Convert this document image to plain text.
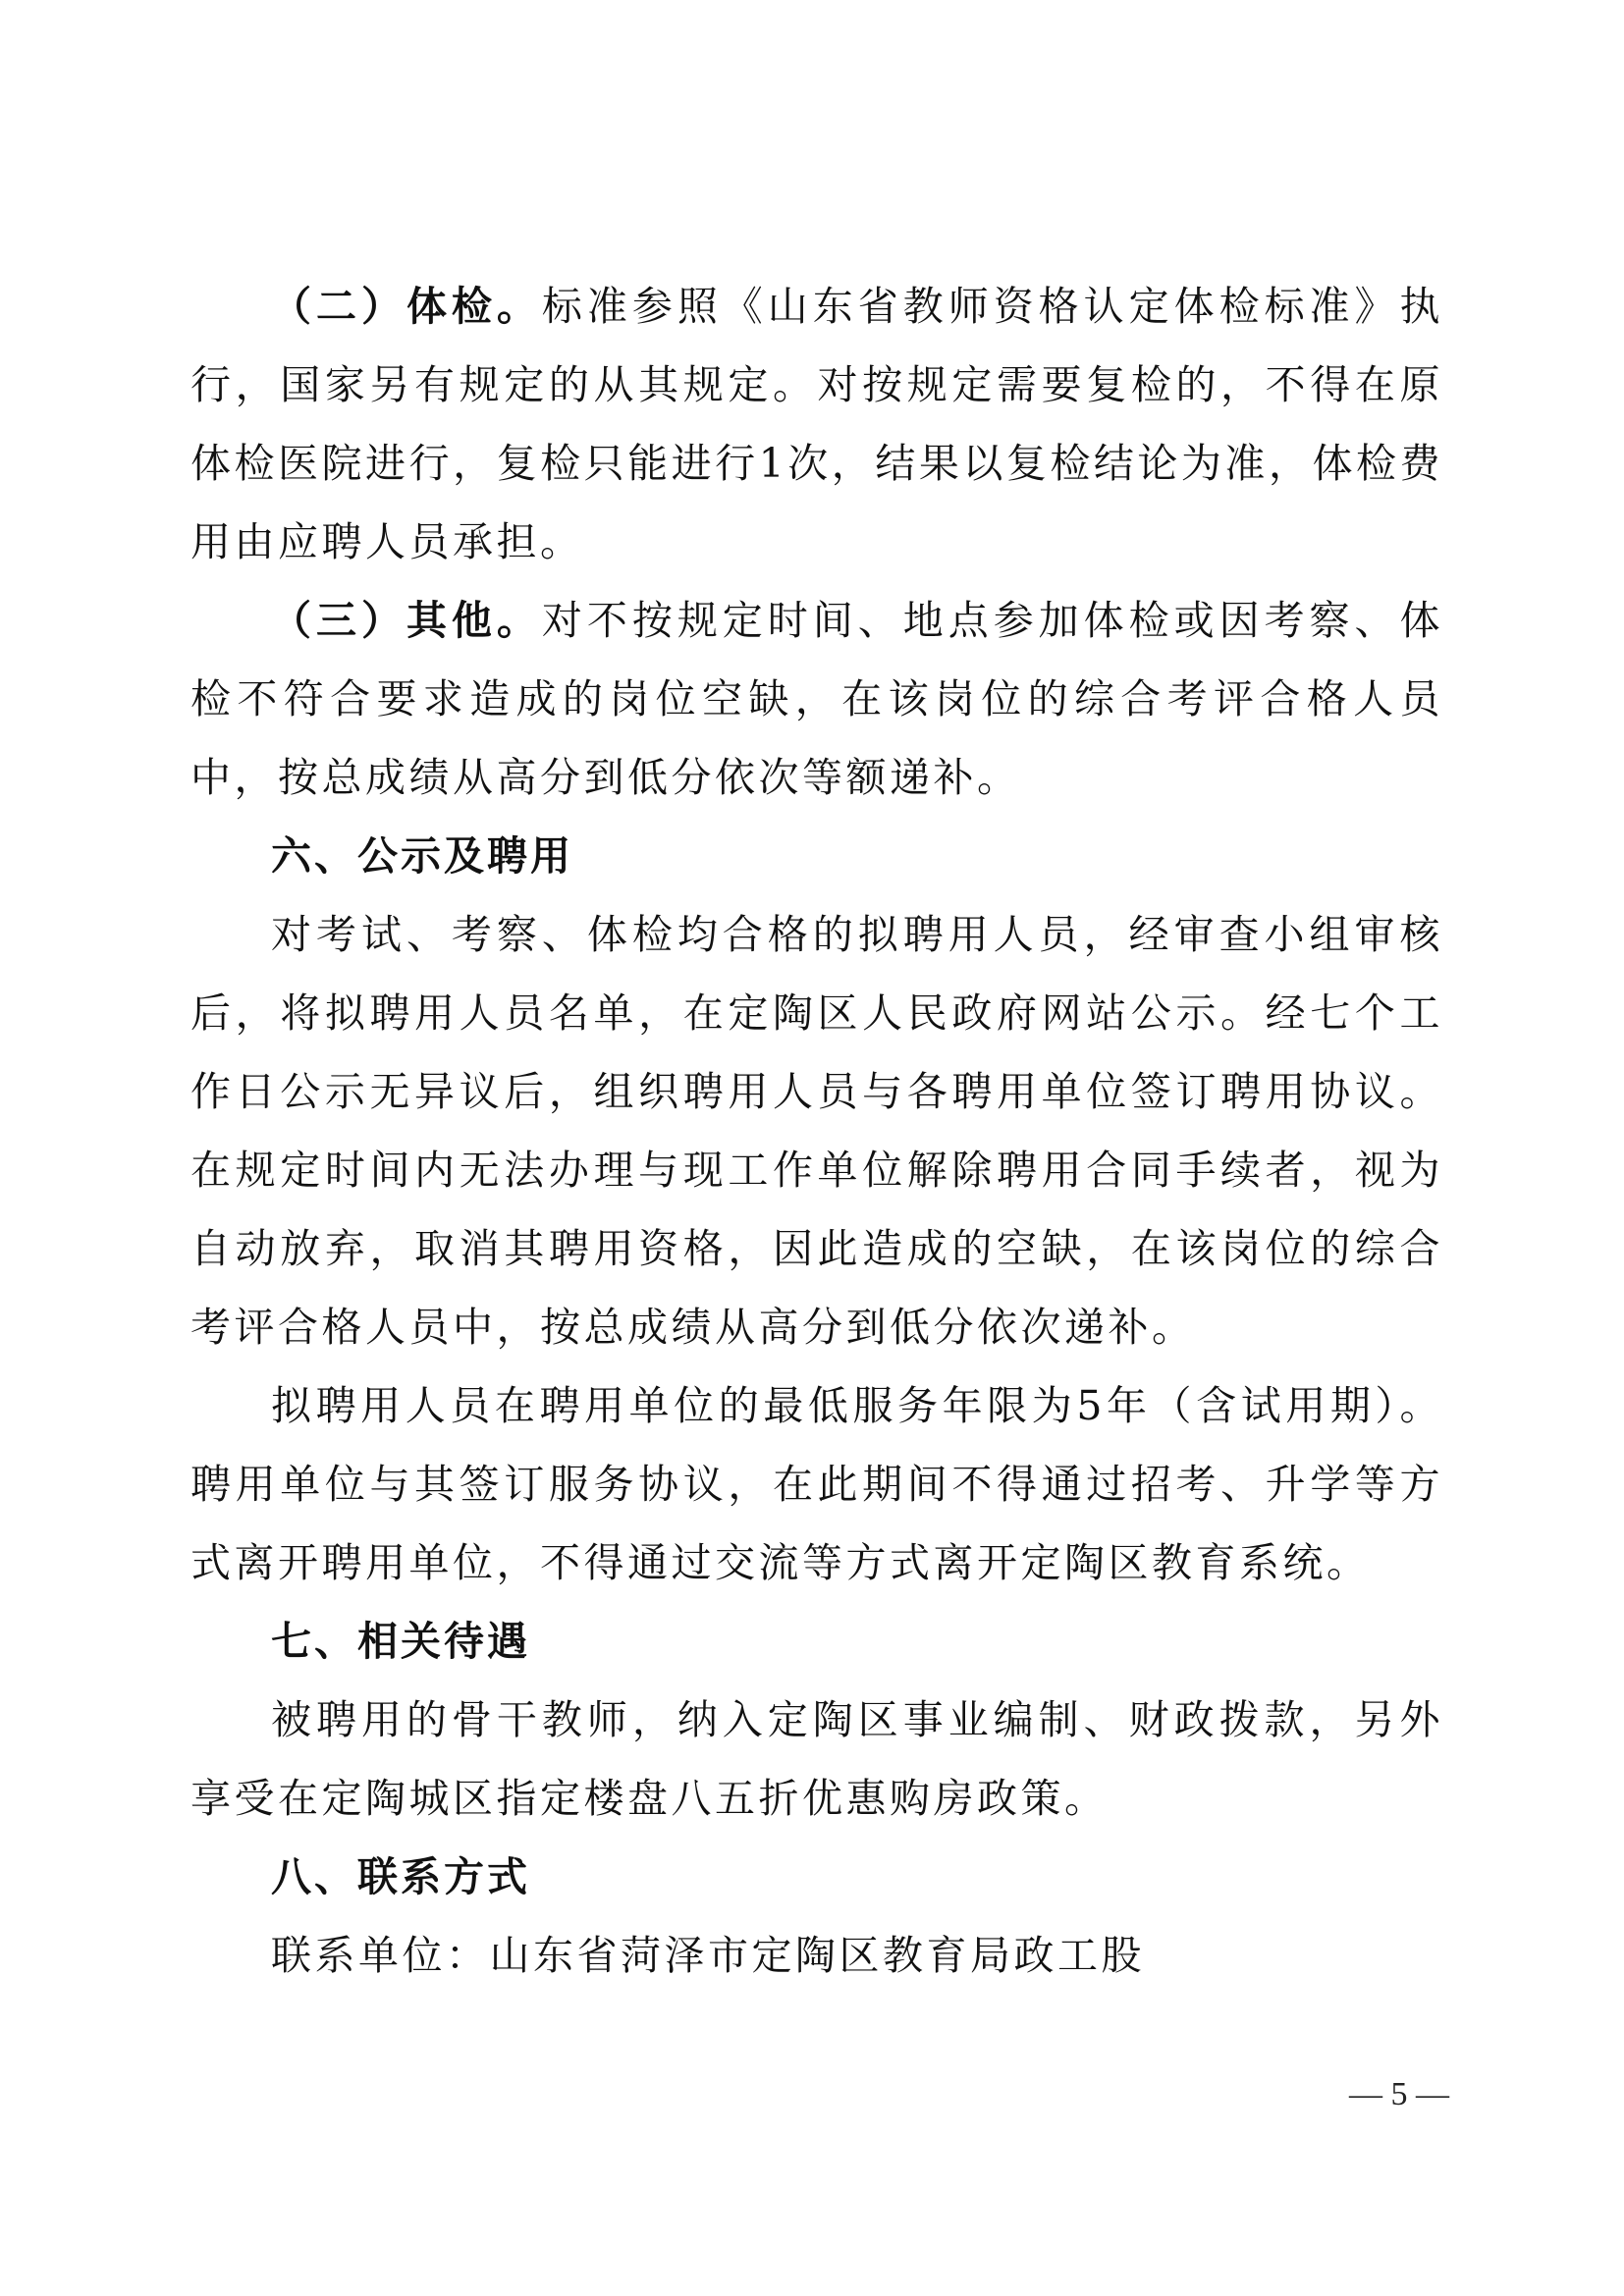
（二）体检。标准参照《山东省教师资格认定体检标准》执行，国家另有规定的从其规定。对按规定需要复检的，不得在原体检医院进行，复检只能进行1次，结果以复检结论为准，体检费用由应聘人员承担。

（三）其他。对不按规定时间、地点参加体检或因考察、体检不符合要求造成的岗位空缺，在该岗位的综合考评合格人员中，按总成绩从高分到低分依次等额递补。

六、公示及聘用

对考试、考察、体检均合格的拟聘用人员，经审查小组审核后，将拟聘用人员名单，在定陶区人民政府网站公示。经七个工作日公示无异议后，组织聘用人员与各聘用单位签订聘用协议。在规定时间内无法办理与现工作单位解除聘用合同手续者，视为自动放弃，取消其聘用资格，因此造成的空缺，在该岗位的综合考评合格人员中，按总成绩从高分到低分依次递补。

拟聘用人员在聘用单位的最低服务年限为5年（含试用期）。聘用单位与其签订服务协议，在此期间不得通过招考、升学等方式离开聘用单位，不得通过交流等方式离开定陶区教育系统。

七、相关待遇

被聘用的骨干教师，纳入定陶区事业编制、财政拨款，另外享受在定陶城区指定楼盘八五折优惠购房政策。

八、联系方式

联系单位：山东省菏泽市定陶区教育局政工股

— 5 —
